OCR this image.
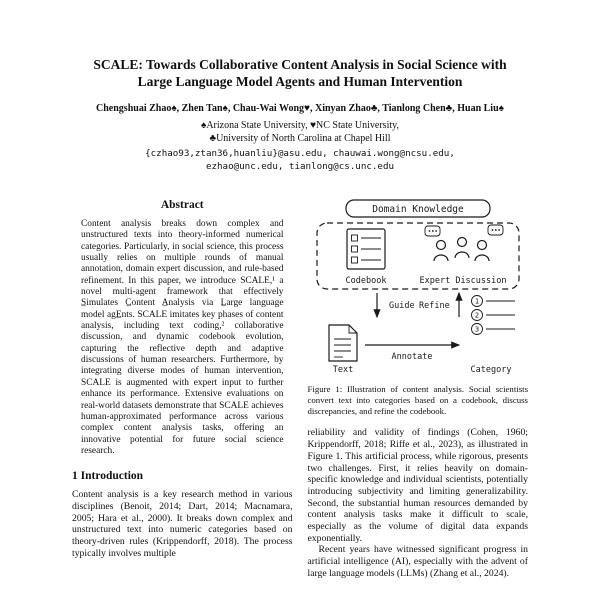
SCALE: Towards Collaborative Content Analysis in Social Science with
Large Language Model Agents and Human Intervention
Chengshuai Zhao♠, Zhen Tan♠, Chau-Wai Wong♥, Xinyan Zhao♣, Tianlong Chen♣, Huan Liu♠
♠Arizona State University, ♥NC State University,
♣University of North Carolina at Chapel Hill
{czhao93,ztan36,huanliu}@asu.edu, chauwai.wong@ncsu.edu,
ezhao@unc.edu, tianlong@cs.unc.edu
Abstract
Content analysis breaks down complex and unstructured texts into theory-informed numerical categories. Particularly, in social science, this process usually relies on multiple rounds of manual annotation, domain expert discussion, and rule-based refinement. In this paper, we introduce SCALE,¹ a novel multi-agent framework that effectively S̲imulates C̲ontent A̲nalysis via L̲arge language model agE̲nts. SCALE imitates key phases of content analysis, including text coding,² collaborative discussion, and dynamic codebook evolution, capturing the reflective depth and adaptive discussions of human researchers. Furthermore, by integrating diverse modes of human intervention, SCALE is augmented with expert input to further enhance its performance. Extensive evaluations on real-world datasets demonstrate that SCALE achieves human-approximated performance across various complex content analysis tasks, offering an innovative potential for future social science research.
1 Introduction

Content analysis is a key research method in various disciplines (Benoit, 2014; Dart, 2014; Macnamara, 2005; Hara et al., 2000). It breaks down complex and unstructured text into numeric categories based on theory-driven rules (Krippendorff, 2018). The process typically involves multiple

Domain Knowledge
Codebook	Expert Discussion
Guide Refine	1
2
3
Text
Annotate
Category
Figure 1: Illustration of content analysis. Social scientists convert text into categories based on a codebook, discuss discrepancies, and refine the codebook.

reliability and validity of findings (Cohen, 1960; Krippendorff, 2018; Riffe et al., 2023), as illustrated in Figure 1. This artificial process, while rigorous, presents two challenges. First, it relies heavily on domain-specific knowledge and individual scientists, potentially introducing subjectivity and limiting generalizability. Second, the substantial human resources demanded by content analysis tasks make it difficult to scale, especially as the volume of digital data expands exponentially.

Recent years have witnessed significant progress in artificial intelligence (AI), especially with the advent of large language models (LLMs) (Zhang et al., 2024).
